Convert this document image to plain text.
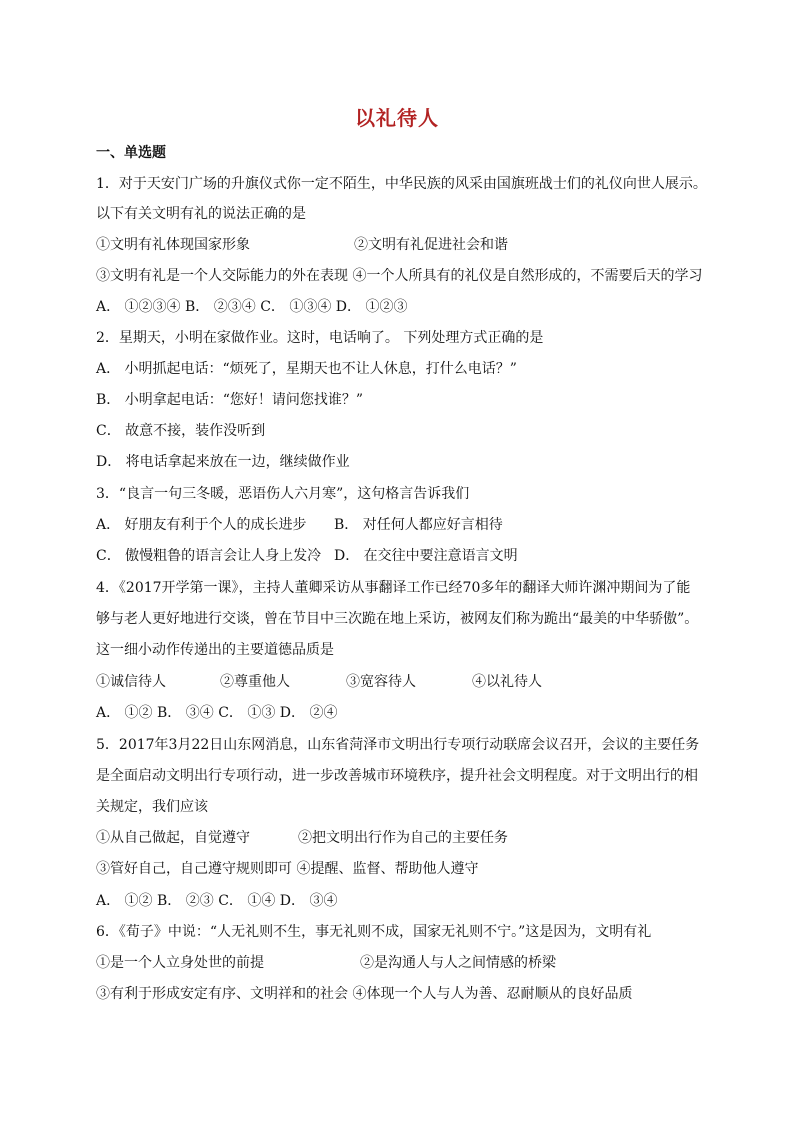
以礼待人
一、单选题
1．对于天安门广场的升旗仪式你一定不陌生，中华民族的风采由国旗班战士们的礼仪向世人展示。
以下有关文明有礼的说法正确的是
①文明有礼体现国家形象	②文明有礼促进社会和谐
③文明有礼是一个人交际能力的外在表现 ④一个人所具有的礼仪是自然形成的，不需要后天的学习
A． ①②③④ B． ②③④ C． ①③④ D． ①②③
2．星期天，小明在家做作业。这时，电话响了。 下列处理方式正确的是
A． 小明抓起电话：“烦死了，星期天也不让人休息，打什么电话？”
B． 小明拿起电话：“您好！请问您找谁？”
C． 故意不接，装作没听到
D． 将电话拿起来放在一边，继续做作业
3．“良言一句三冬暖，恶语伤人六月寒”，这句格言告诉我们
A． 好朋友有利于个人的成长进步 B． 对任何人都应好言相待
C． 傲慢粗鲁的语言会让人身上发冷 D． 在交往中要注意语言文明
4．《2017开学第一课》，主持人董卿采访从事翻译工作已经70多年的翻译大师许渊冲期间为了能
够与老人更好地进行交谈，曾在节目中三次跪在地上采访，被网友们称为跪出“最美的中华骄傲”。
这一细小动作传递出的主要道德品质是
①诚信待人	②尊重他人	③宽容待人	④以礼待人
A． ①② B． ③④ C． ①③ D． ②④
5．2017年3月22日山东网消息，山东省菏泽市文明出行专项行动联席会议召开，会议的主要任务
是全面启动文明出行专项行动，进一步改善城市环境秩序，提升社会文明程度。对于文明出行的相
关规定，我们应该
①从自己做起，自觉遵守	②把文明出行作为自己的主要任务
③管好自己，自己遵守规则即可 ④提醒、监督、帮助他人遵守
A． ①② B． ②③ C． ①④ D． ③④
6．《荀子》中说：“人无礼则不生，事无礼则不成，国家无礼则不宁。”这是因为，文明有礼
①是一个人立身处世的前提	②是沟通人与人之间情感的桥梁
③有利于形成安定有序、文明祥和的社会 ④体现一个人与人为善、忍耐顺从的良好品质
